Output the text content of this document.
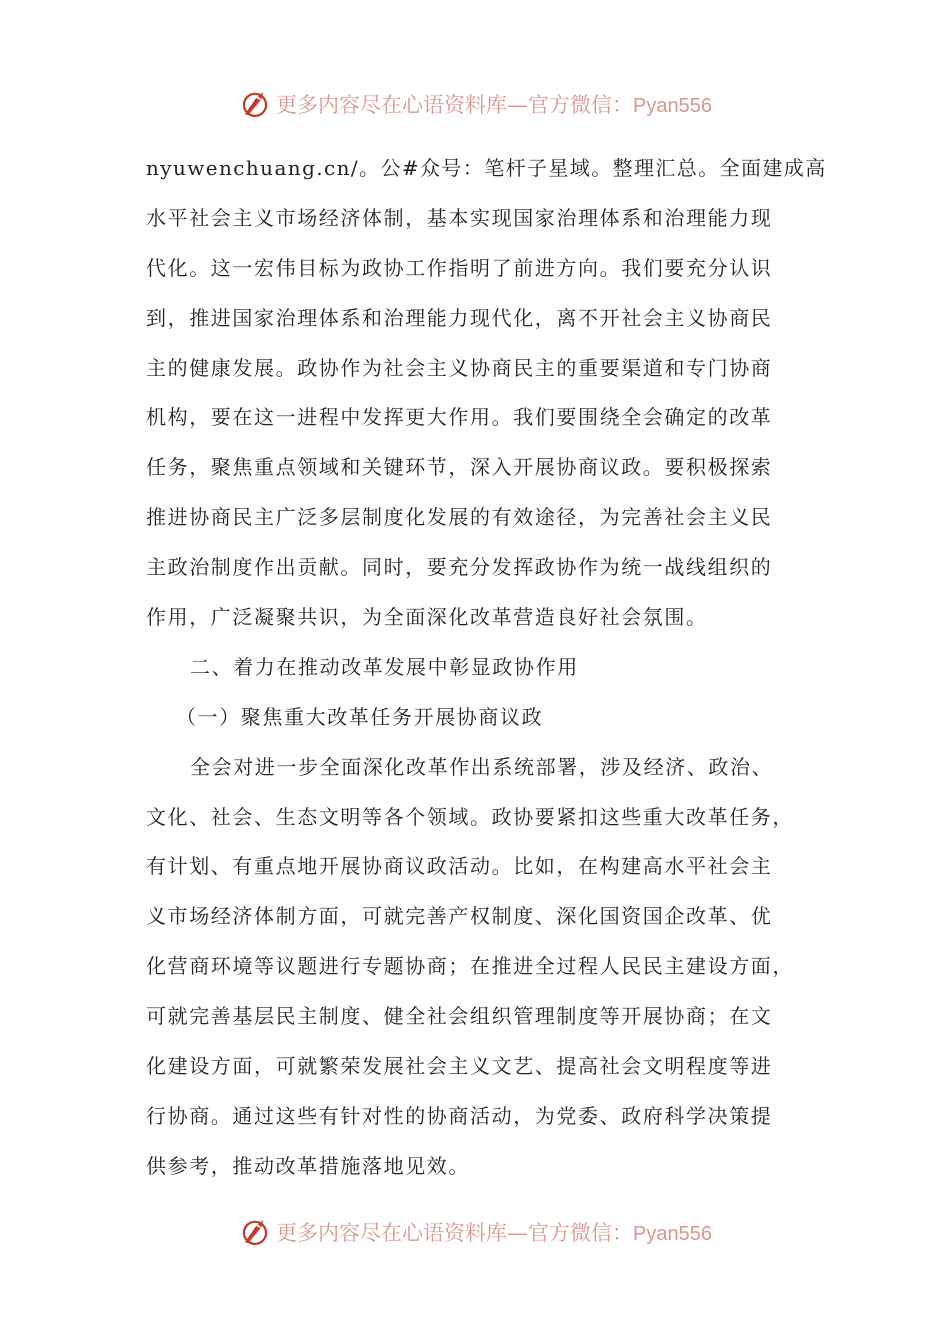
更多内容尽在心语资料库—官方微信：Pyan556
nyuwenchuang.cn/。公#众号：笔杆子星域。整理汇总。全面建成高
水平社会主义市场经济体制，基本实现国家治理体系和治理能力现
代化。这一宏伟目标为政协工作指明了前进方向。我们要充分认识
到，推进国家治理体系和治理能力现代化，离不开社会主义协商民
主的健康发展。政协作为社会主义协商民主的重要渠道和专门协商
机构，要在这一进程中发挥更大作用。我们要围绕全会确定的改革
任务，聚焦重点领域和关键环节，深入开展协商议政。要积极探索
推进协商民主广泛多层制度化发展的有效途径，为完善社会主义民
主政治制度作出贡献。同时，要充分发挥政协作为统一战线组织的
作用，广泛凝聚共识，为全面深化改革营造良好社会氛围。
二、着力在推动改革发展中彰显政协作用
（一）聚焦重大改革任务开展协商议政
全会对进一步全面深化改革作出系统部署，涉及经济、政治、
文化、社会、生态文明等各个领域。政协要紧扣这些重大改革任务，
有计划、有重点地开展协商议政活动。比如，在构建高水平社会主
义市场经济体制方面，可就完善产权制度、深化国资国企改革、优
化营商环境等议题进行专题协商；在推进全过程人民民主建设方面，
可就完善基层民主制度、健全社会组织管理制度等开展协商；在文
化建设方面，可就繁荣发展社会主义文艺、提高社会文明程度等进
行协商。通过这些有针对性的协商活动，为党委、政府科学决策提
供参考，推动改革措施落地见效。
更多内容尽在心语资料库—官方微信：Pyan556
